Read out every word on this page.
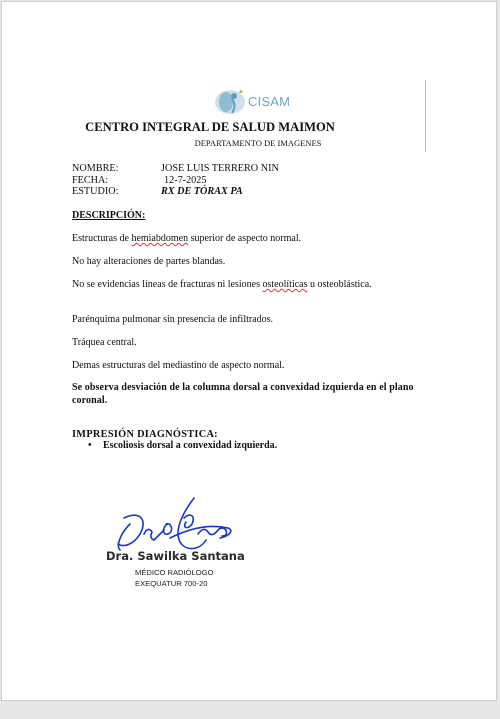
CISAM
CENTRO INTEGRAL DE SALUD MAIMON
DEPARTAMENTO DE IMAGENES
NOMBRE:	JOSE LUIS TERRERO NIN
FECHA:	12-7-2025
ESTUDIO:	RX DE TÓRAX PA
DESCRIPCIÓN:
Estructuras de hemiabdomen superior de aspecto normal.
No hay alteraciones de partes blandas.
No se evidencias líneas de fracturas ni lesiones osteolíticas u osteoblástica.
Parénquima pulmonar sin presencia de infiltrados.
Tráquea central.
Demas estructuras del mediastino de aspecto normal.
Se observa desviación de la columna dorsal a convexidad izquierda en el plano coronal.
IMPRESIÓN DIAGNÓSTICA:
• Escoliosis dorsal a convexidad izquierda.
Dra. Sawilka Santana
MÉDICO RADIÓLOGO
EXEQUATUR 700-20
